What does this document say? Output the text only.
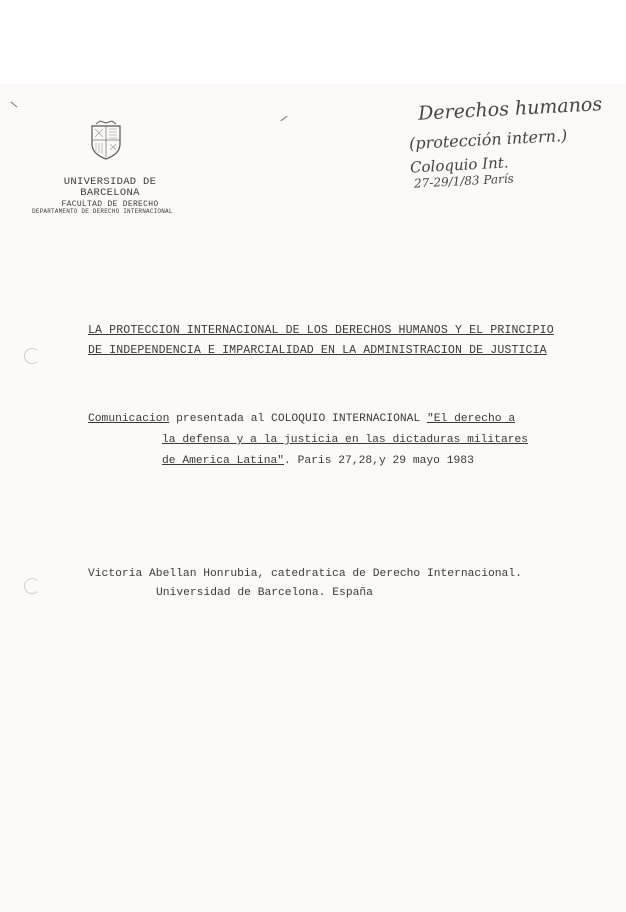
UNIVERSIDAD DE BARCELONA
FACULTAD DE DERECHO
DEPARTAMENTO DE DERECHO INTERNACIONAL
Derechos humanos
(protección intern.)
Coloquio Int.
27-29/1/83 París
LA PROTECCION INTERNACIONAL DE LOS DERECHOS HUMANOS Y EL PRINCIPIO
DE INDEPENDENCIA E IMPARCIALIDAD EN LA ADMINISTRACION DE JUSTICIA
Comunicacion presentada al COLOQUIO INTERNACIONAL "El derecho a
la defensa y a la justicia en las dictaduras militares
de America Latina". Paris 27,28,y 29 mayo 1983
Victoria Abellan Honrubia, catedratica de Derecho Internacional.
Universidad de Barcelona. España
